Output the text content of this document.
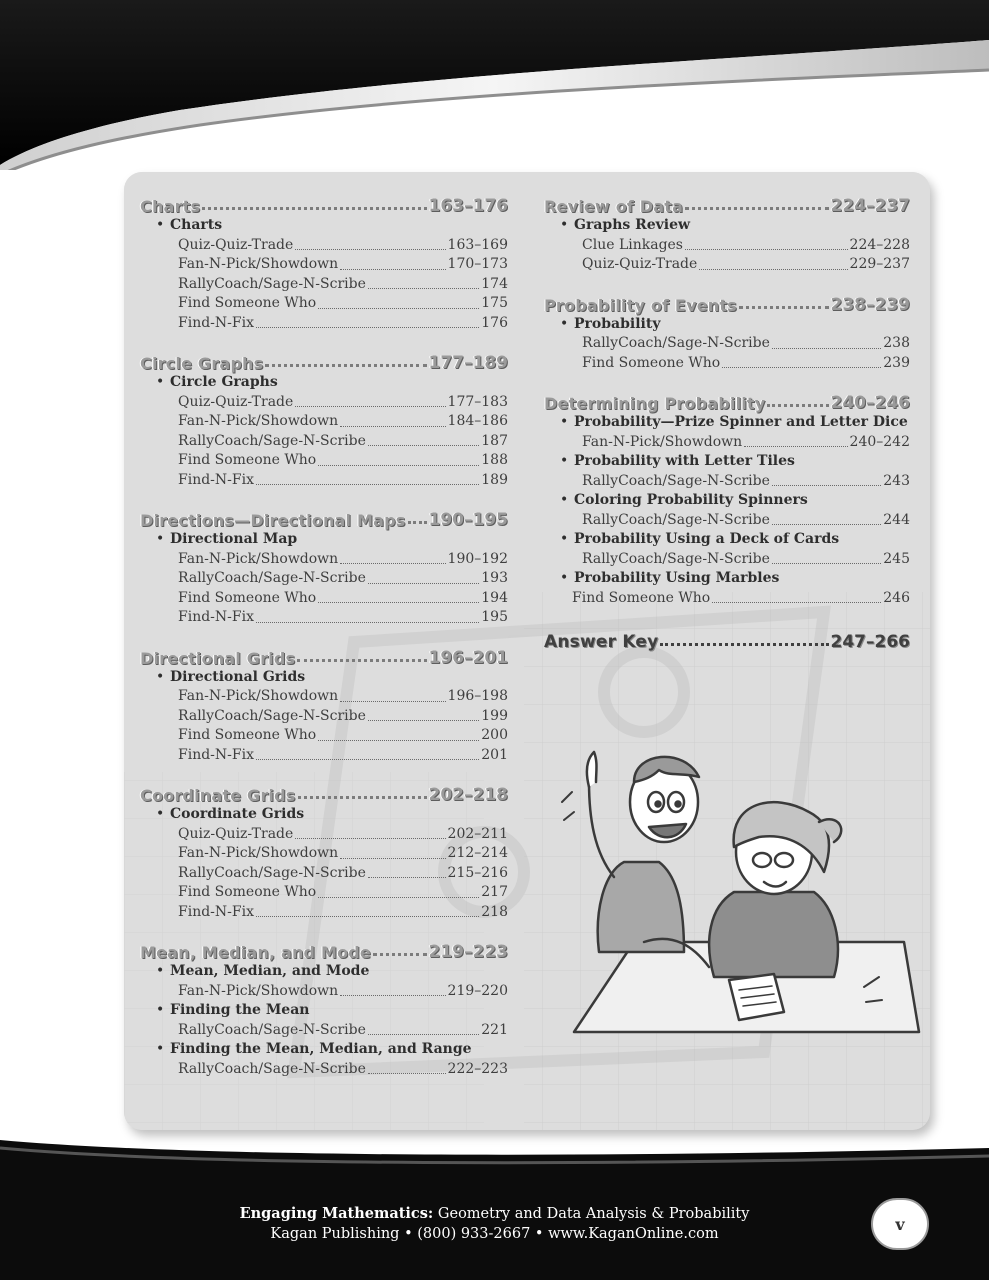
Charts	163–176
• Charts
Quiz-Quiz-Trade	163–169
Fan-N-Pick/Showdown	170–173
RallyCoach/Sage-N-Scribe	174
Find Someone Who	175
Find-N-Fix	176
Circle Graphs	177–189
• Circle Graphs
Quiz-Quiz-Trade	177–183
Fan-N-Pick/Showdown	184–186
RallyCoach/Sage-N-Scribe	187
Find Someone Who	188
Find-N-Fix	189
Directions—Directional Maps 190–195
• Directional Map
Fan-N-Pick/Showdown	190–192
RallyCoach/Sage-N-Scribe	193
Find Someone Who	194
Find-N-Fix	195
Directional Grids	196–201
• Directional Grids
Fan-N-Pick/Showdown	196–198
RallyCoach/Sage-N-Scribe	199
Find Someone Who	200
Find-N-Fix	201
Coordinate Grids	202–218
• Coordinate Grids
Quiz-Quiz-Trade	202–211
Fan-N-Pick/Showdown	212–214
RallyCoach/Sage-N-Scribe	215–216
Find Someone Who	217
Find-N-Fix	218
Mean, Median, and Mode	219–223
• Mean, Median, and Mode
Fan-N-Pick/Showdown	219–220
• Finding the Mean
RallyCoach/Sage-N-Scribe	221
• Finding the Mean, Median, and Range
RallyCoach/Sage-N-Scribe	222–223
Review of Data	224–237
• Graphs Review
Clue Linkages	224–228
Quiz-Quiz-Trade	229–237
Probability of Events	238–239
• Probability
RallyCoach/Sage-N-Scribe	238
Find Someone Who	239
Determining Probability	240–246
• Probability—Prize Spinner and Letter Dice
Fan-N-Pick/Showdown	240–242
• Probability with Letter Tiles
RallyCoach/Sage-N-Scribe	243
• Coloring Probability Spinners
RallyCoach/Sage-N-Scribe	244
• Probability Using a Deck of Cards
RallyCoach/Sage-N-Scribe	245
• Probability Using Marbles
Find Someone Who	246
Answer Key	247–266
Engaging Mathematics: Geometry and Data Analysis & Probability
Kagan Publishing • (800) 933-2667 • www.KaganOnline.com
v
